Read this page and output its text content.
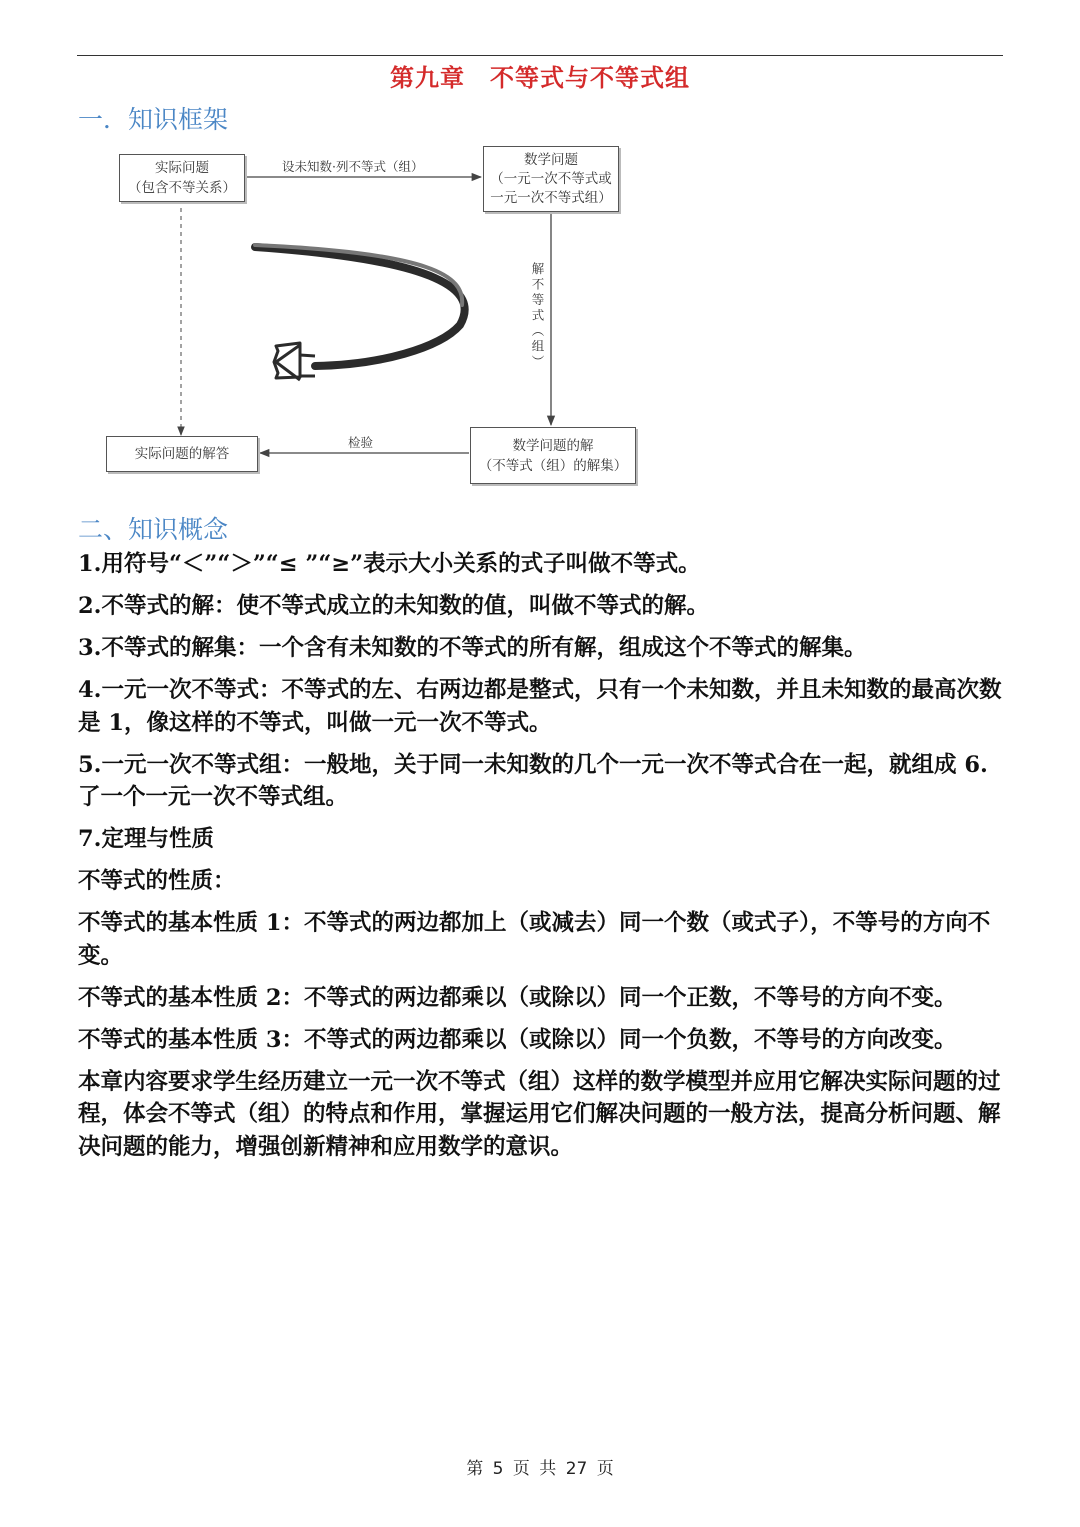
第九章　不等式与不等式组
一．知识框架
实际问题
（包含不等关系）
数学问题
（一元一次不等式或
一元一次不等式组）
数学问题的解
（不等式（组）的解集）
实际问题的解答
设未知数·列不等式（组）
解不等式（组）
检验
二、知识概念

1.用符号“＜”“＞”“≤ ”“≥”表示大小关系的式子叫做不等式。

2.不等式的解：使不等式成立的未知数的值，叫做不等式的解。

3.不等式的解集：一个含有未知数的不等式的所有解，组成这个不等式的解集。

4.一元一次不等式：不等式的左、右两边都是整式，只有一个未知数，并且未知数的最高次数是 1，像这样的不等式，叫做一元一次不等式。

5.一元一次不等式组：一般地，关于同一未知数的几个一元一次不等式合在一起，就组成 6.了一个一元一次不等式组。

7.定理与性质

不等式的性质：

不等式的基本性质 1：不等式的两边都加上（或减去）同一个数（或式子），不等号的方向不变。

不等式的基本性质 2：不等式的两边都乘以（或除以）同一个正数，不等号的方向不变。

不等式的基本性质 3：不等式的两边都乘以（或除以）同一个负数，不等号的方向改变。

本章内容要求学生经历建立一元一次不等式（组）这样的数学模型并应用它解决实际问题的过程，体会不等式（组）的特点和作用，掌握运用它们解决问题的一般方法，提高分析问题、解决问题的能力，增强创新精神和应用数学的意识。

第 5 页 共 27 页
